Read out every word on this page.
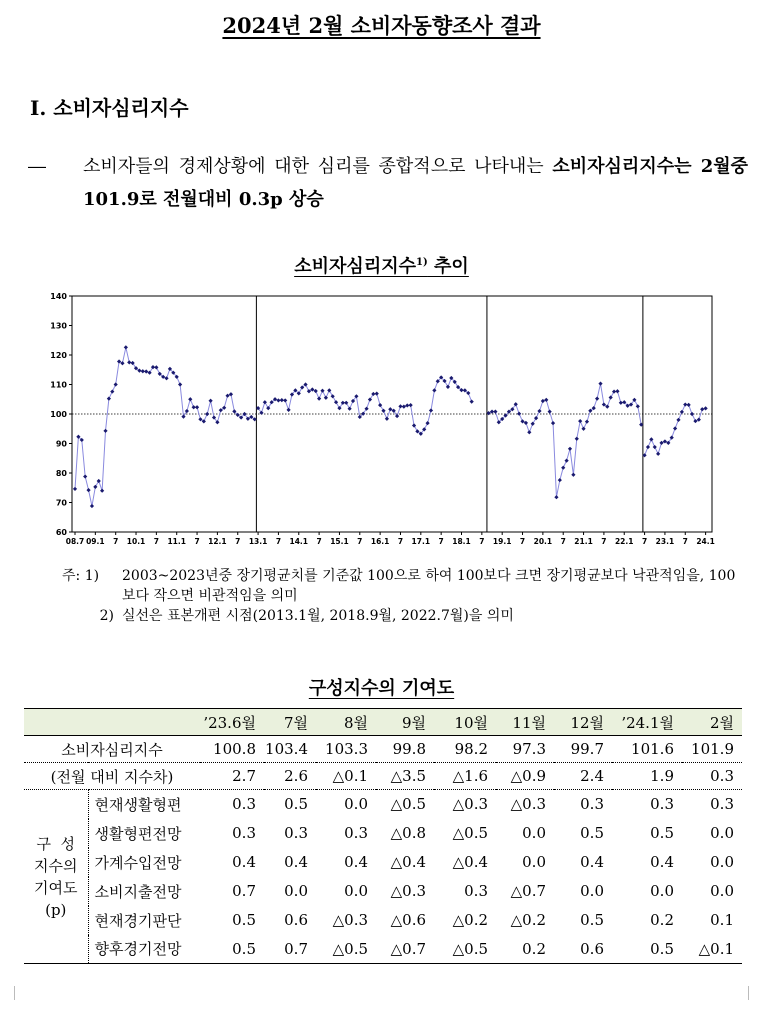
2024년 2월 소비자동향조사 결과
Ⅰ. 소비자심리지수
― 소비자들의 경제상황에 대한 심리를 종합적으로 나타내는 소비자심리지수는 2월중 101.9로 전월대비 0.3p 상승
소비자심리지수$^{1)}$ 추이
60
70
80
90
100
110
120
130
140
08.7 09.1 7 10.1 7 11.1 7 12.1 7 13.1 7 14.1 7 15.1 7 16.1 7 17.1 7 18.1 7 19.1 7 20.1 7 21.1 7 22.1 7 23.1 7 24.1
주: 1)	2003~2023년중 장기평균치를 기준값 100으로 하여 100보다 크면 장기평균보다 낙관적임을, 100보다 작으면 비관적임을 의미
2) 실선은 표본개편 시점(2013.1월, 2018.9월, 2022.7월)을 의미
구성지수의 기여도
		’23.6월	7월	8월	9월	10월	11월	12월	’24.1월	2월
소비자심리지수		100.8	103.4	103.3	99.8	98.2	97.3	99.7	101.6	101.9
(전월 대비 지수차)		2.7	2.6	△0.1	△3.5	△1.6	△0.9	2.4	1.9	0.3

구  성
지수의
기여도
(p)	현재생활형편	0.3	0.5	0.0	△0.5	△0.3	△0.3	0.3	0.3	0.3
	생활형편전망	0.3	0.3	0.3	△0.8	△0.5	0.0	0.5	0.5	0.0
	가계수입전망	0.4	0.4	0.4	△0.4	△0.4	0.0	0.4	0.4	0.0
	소비지출전망	0.7	0.0	0.0	△0.3	0.3	△0.7	0.0	0.0	0.0
	현재경기판단	0.5	0.6	△0.3	△0.6	△0.2	△0.2	0.5	0.2	0.1
	향후경기전망	0.5	0.7	△0.5	△0.7	△0.5	0.2	0.6	0.5	△0.1
